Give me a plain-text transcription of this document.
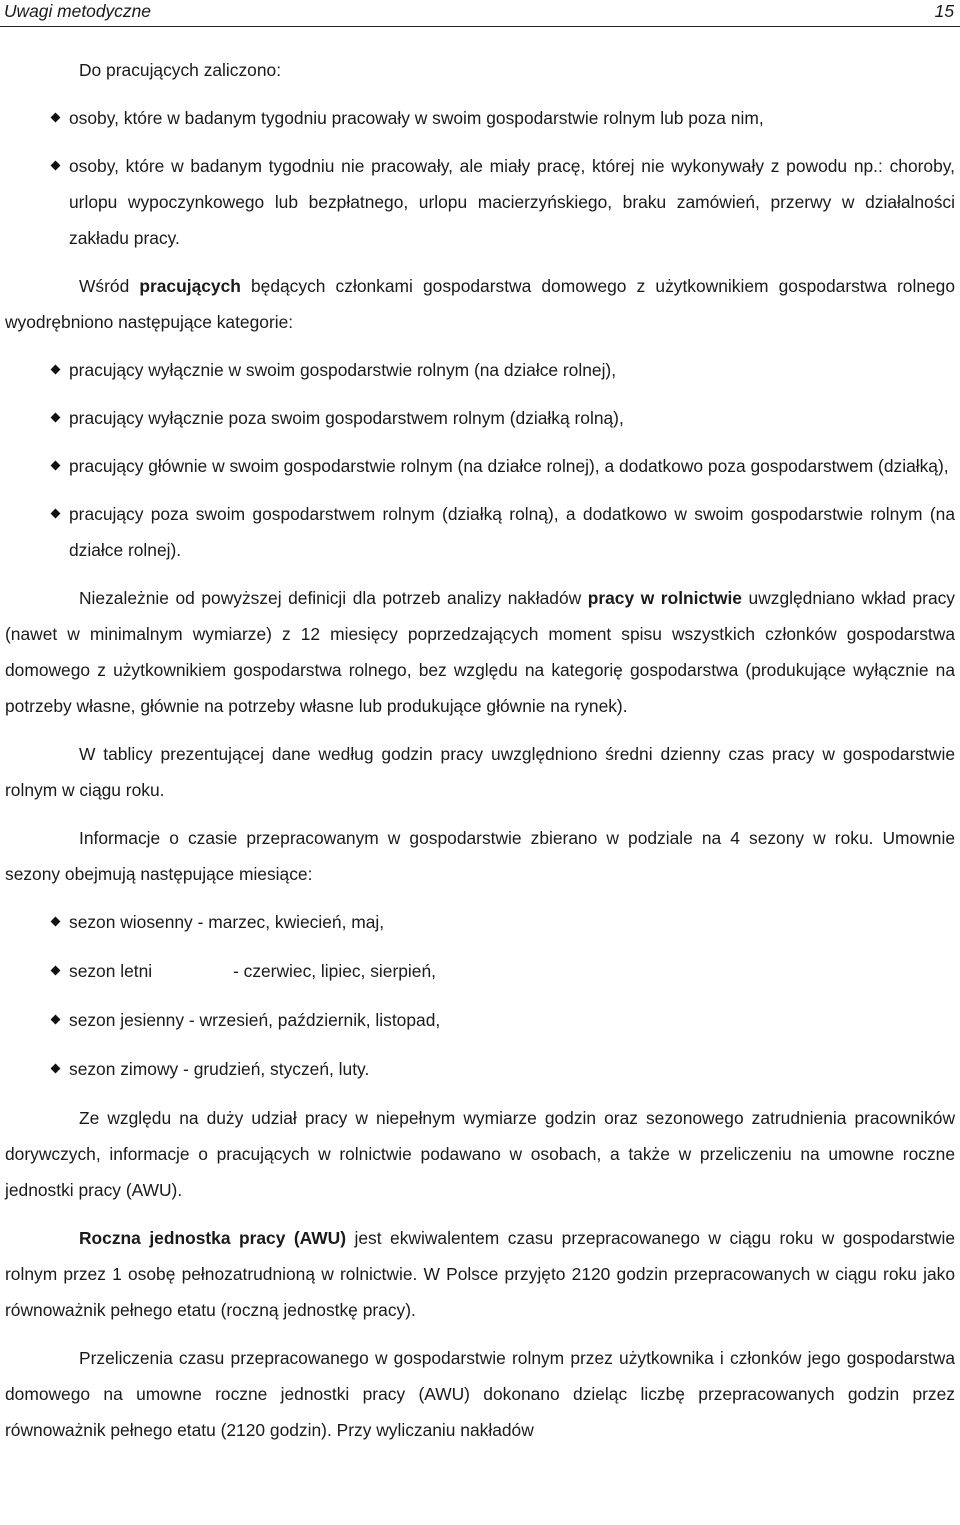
Uwagi metodyczne	15

Do pracujących zaliczono:

osoby, które w badanym tygodniu pracowały w swoim gospodarstwie rolnym lub poza nim,
osoby, które w badanym tygodniu nie pracowały, ale miały pracę, której nie wykonywały z powodu np.: choroby, urlopu wypoczynkowego lub bezpłatnego, urlopu macierzyńskiego, braku zamówień, przerwy w działalności zakładu pracy.

Wśród pracujących będących członkami gospodarstwa domowego z użytkownikiem gospodarstwa rolnego wyodrębniono następujące kategorie:

pracujący wyłącznie w swoim gospodarstwie rolnym (na działce rolnej),
pracujący wyłącznie poza swoim gospodarstwem rolnym (działką rolną),
pracujący głównie w swoim gospodarstwie rolnym (na działce rolnej), a dodatkowo poza gospodarstwem (działką),
pracujący poza swoim gospodarstwem rolnym (działką rolną), a dodatkowo w swoim gospodarstwie rolnym (na działce rolnej).

Niezależnie od powyższej definicji dla potrzeb analizy nakładów pracy w rolnictwie uwzględniano wkład pracy (nawet w minimalnym wymiarze) z 12 miesięcy poprzedzających moment spisu wszystkich członków gospodarstwa domowego z użytkownikiem gospodarstwa rolnego, bez względu na kategorię gospodarstwa (produkujące wyłącznie na potrzeby własne, głównie na potrzeby własne lub produkujące głównie na rynek).

W tablicy prezentującej dane według godzin pracy uwzględniono średni dzienny czas pracy w gospodarstwie rolnym w ciągu roku.

Informacje o czasie przepracowanym w gospodarstwie zbierano w podziale na 4 sezony w roku. Umownie sezony obejmują następujące miesiące:

sezon wiosenny - marzec, kwiecień, maj,
sezon letni	- czerwiec, lipiec, sierpień,
sezon jesienny - wrzesień, październik, listopad,
sezon zimowy - grudzień, styczeń, luty.

Ze względu na duży udział pracy w niepełnym wymiarze godzin oraz sezonowego zatrudnienia pracowników dorywczych, informacje o pracujących w rolnictwie podawano w osobach, a także w przeliczeniu na umowne roczne jednostki pracy (AWU).

Roczna jednostka pracy (AWU) jest ekwiwalentem czasu przepracowanego w ciągu roku w gospodarstwie rolnym przez 1 osobę pełnozatrudnioną w rolnictwie. W Polsce przyjęto 2120 godzin przepracowanych w ciągu roku jako równoważnik pełnego etatu (roczną jednostkę pracy).

Przeliczenia czasu przepracowanego w gospodarstwie rolnym przez użytkownika i członków jego gospodarstwa domowego na umowne roczne jednostki pracy (AWU) dokonano dzieląc liczbę przepracowanych godzin przez równoważnik pełnego etatu (2120 godzin). Przy wyliczaniu nakładów
